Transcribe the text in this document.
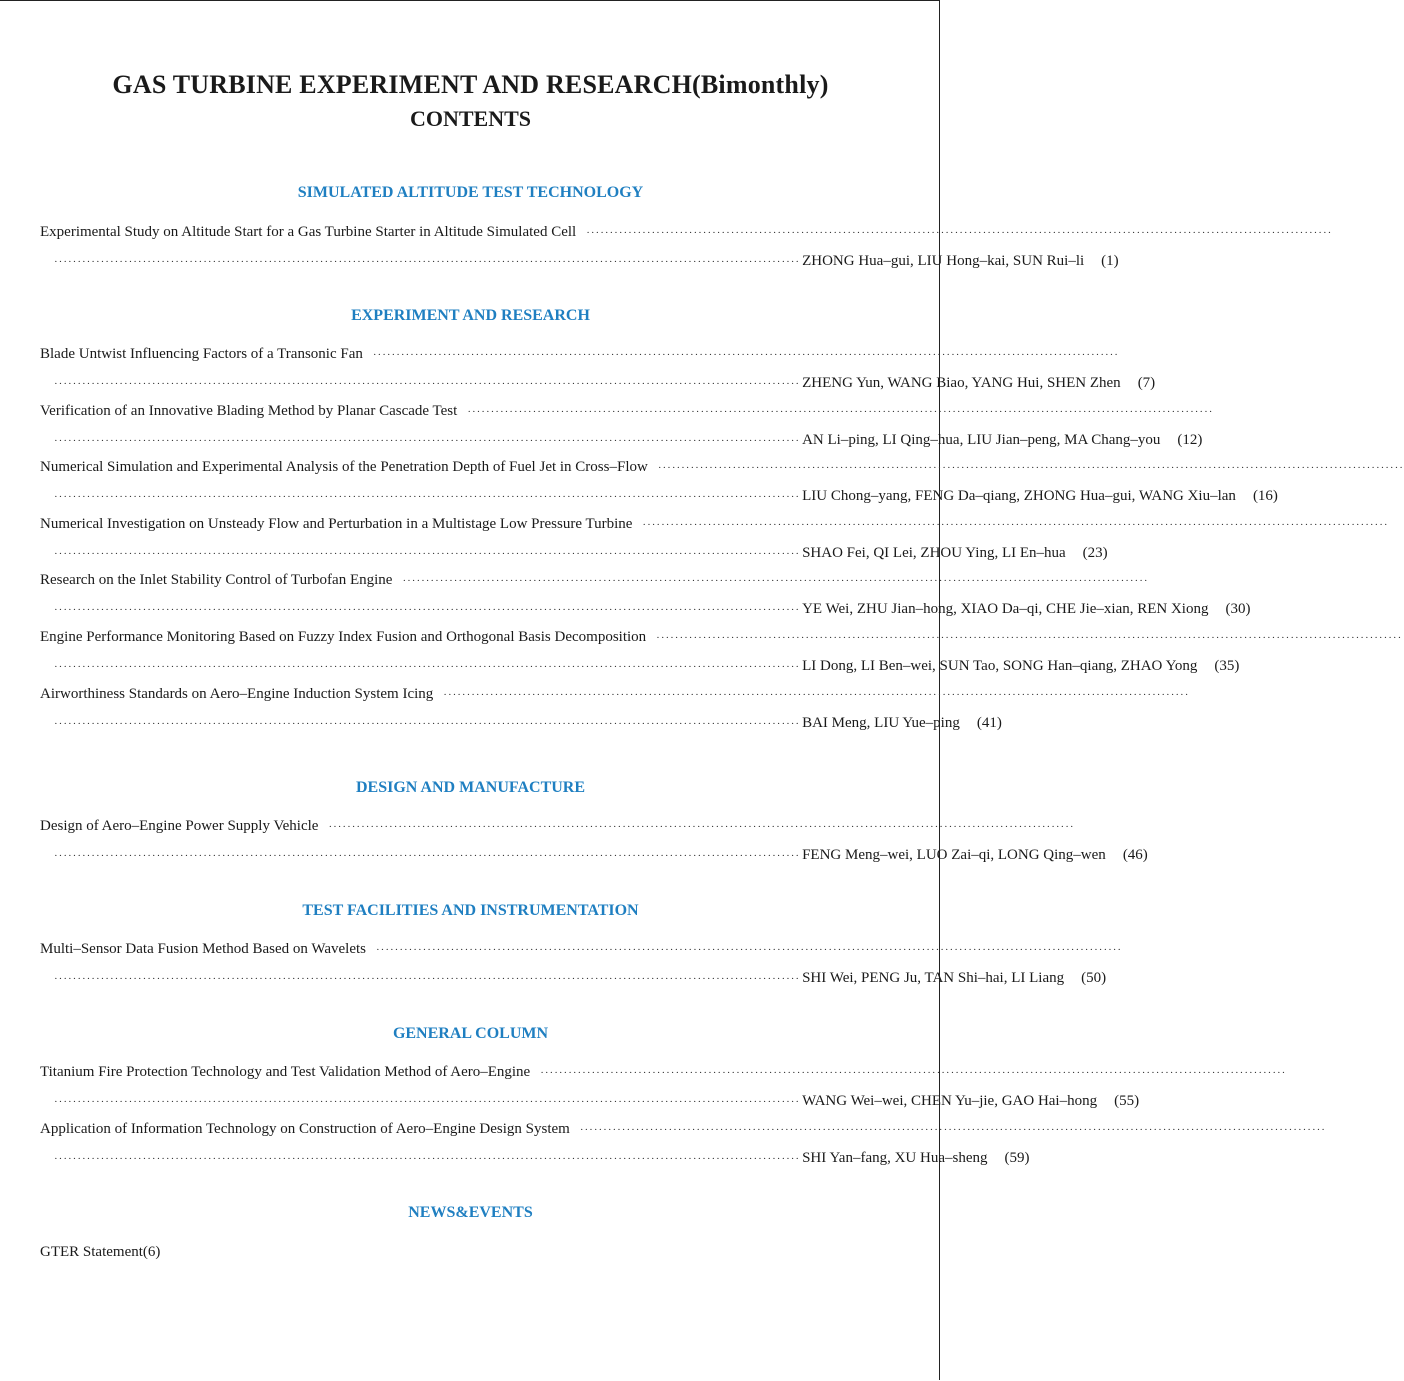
GAS TURBINE EXPERIMENT AND RESEARCH(Bimonthly)
CONTENTS
SIMULATED ALTITUDE TEST TECHNOLOGY
Experimental Study on Altitude Start for a Gas Turbine Starter in Altitude Simulated Cell ································································································································································
································································································································································ ZHONG Hua–gui, LIU Hong–kai, SUN Rui–li (1)
EXPERIMENT AND RESEARCH
Blade Untwist Influencing Factors of a Transonic Fan ································································································································································
································································································································································ ZHENG Yun, WANG Biao, YANG Hui, SHEN Zhen (7)
Verification of an Innovative Blading Method by Planar Cascade Test ································································································································································
································································································································································ AN Li–ping, LI Qing–hua, LIU Jian–peng, MA Chang–you (12)
Numerical Simulation and Experimental Analysis of the Penetration Depth of Fuel Jet in Cross–Flow ································································································································································
································································································································································ LIU Chong–yang, FENG Da–qiang, ZHONG Hua–gui, WANG Xiu–lan (16)
Numerical Investigation on Unsteady Flow and Perturbation in a Multistage Low Pressure Turbine ································································································································································
································································································································································ SHAO Fei, QI Lei, ZHOU Ying, LI En–hua (23)
Research on the Inlet Stability Control of Turbofan Engine ································································································································································
································································································································································ YE Wei, ZHU Jian–hong, XIAO Da–qi, CHE Jie–xian, REN Xiong (30)
Engine Performance Monitoring Based on Fuzzy Index Fusion and Orthogonal Basis Decomposition ································································································································································
································································································································································ LI Dong, LI Ben–wei, SUN Tao, SONG Han–qiang, ZHAO Yong (35)
Airworthiness Standards on Aero–Engine Induction System Icing ································································································································································
································································································································································ BAI Meng, LIU Yue–ping (41)
DESIGN AND MANUFACTURE
Design of Aero–Engine Power Supply Vehicle ································································································································································
································································································································································ FENG Meng–wei, LUO Zai–qi, LONG Qing–wen (46)
TEST FACILITIES AND INSTRUMENTATION
Multi–Sensor Data Fusion Method Based on Wavelets ································································································································································
································································································································································ SHI Wei, PENG Ju, TAN Shi–hai, LI Liang (50)
GENERAL COLUMN
Titanium Fire Protection Technology and Test Validation Method of Aero–Engine ································································································································································
································································································································································ WANG Wei–wei, CHEN Yu–jie, GAO Hai–hong (55)
Application of Information Technology on Construction of Aero–Engine Design System ································································································································································
································································································································································ SHI Yan–fang, XU Hua–sheng (59)
NEWS&EVENTS
GTER Statement(6)
